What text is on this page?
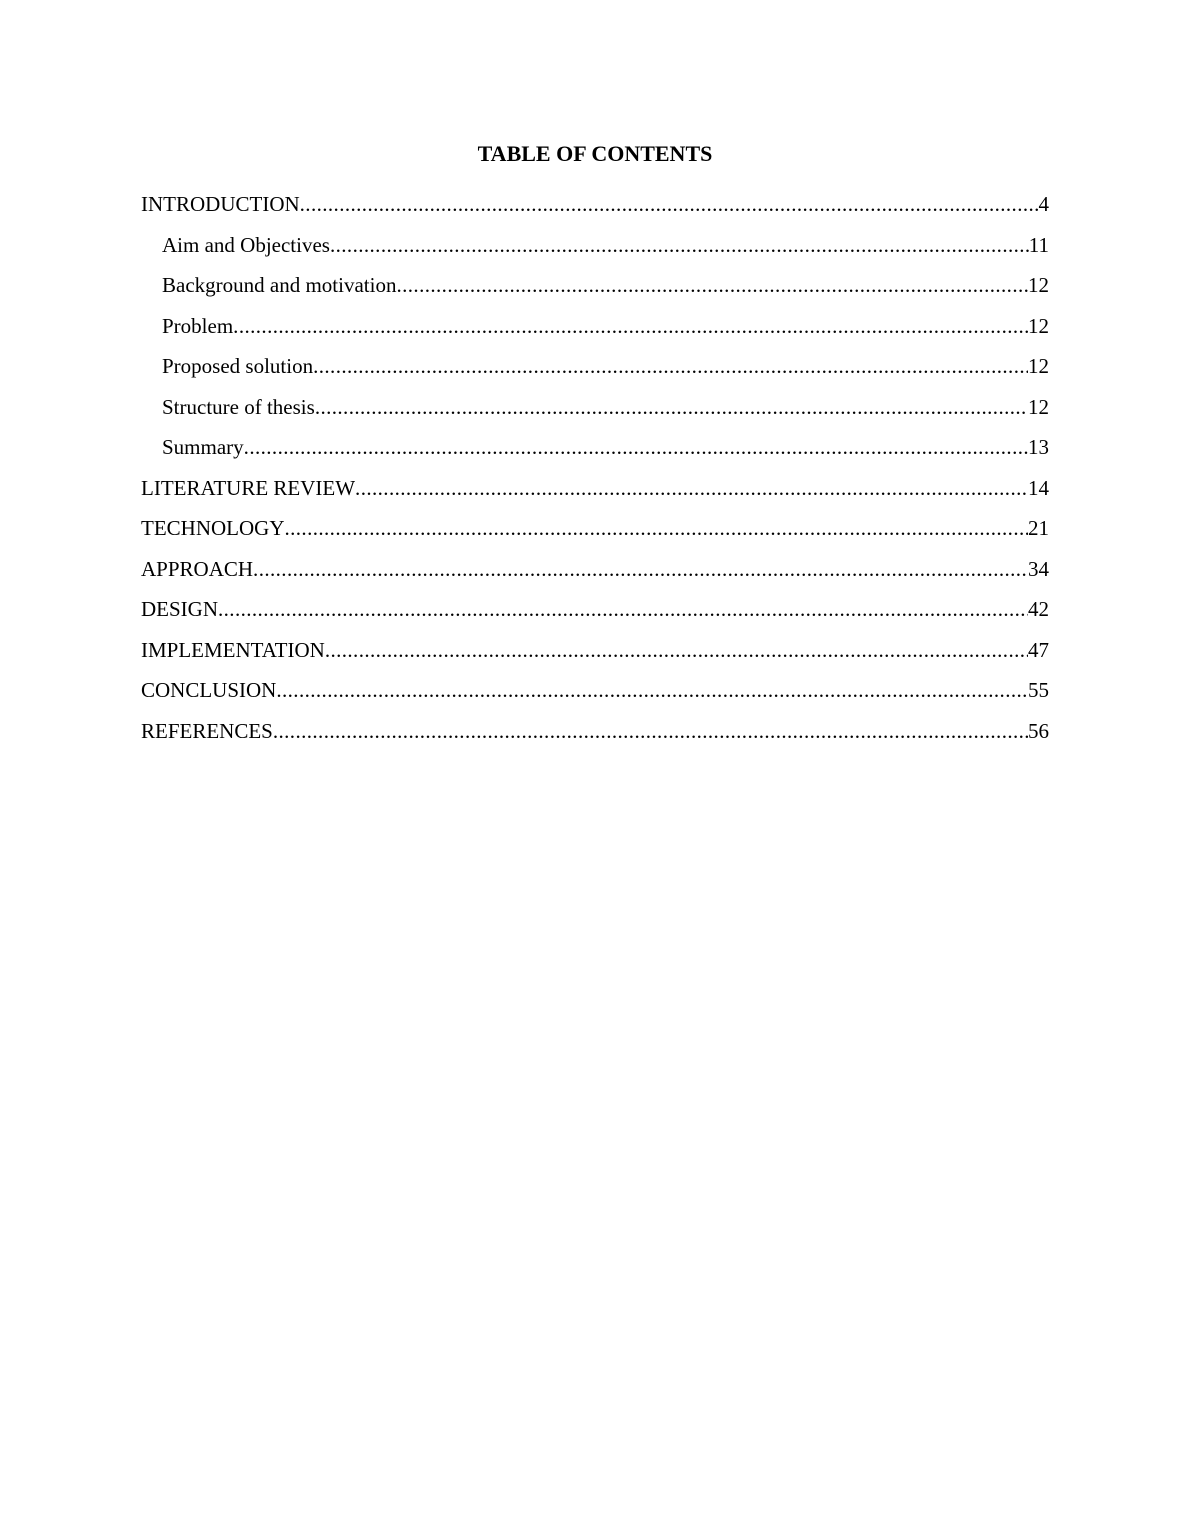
TABLE OF CONTENTS
INTRODUCTION .....	4
Aim and Objectives .....	11
Background and motivation .....	12
Problem .....	12
Proposed solution .....	12
Structure of thesis .....	12
Summary .....	13
LITERATURE REVIEW .....	14
TECHNOLOGY .....	21
APPROACH .....	34
DESIGN .....	42
IMPLEMENTATION .....	47
CONCLUSION .....	55
REFERENCES .....	56
